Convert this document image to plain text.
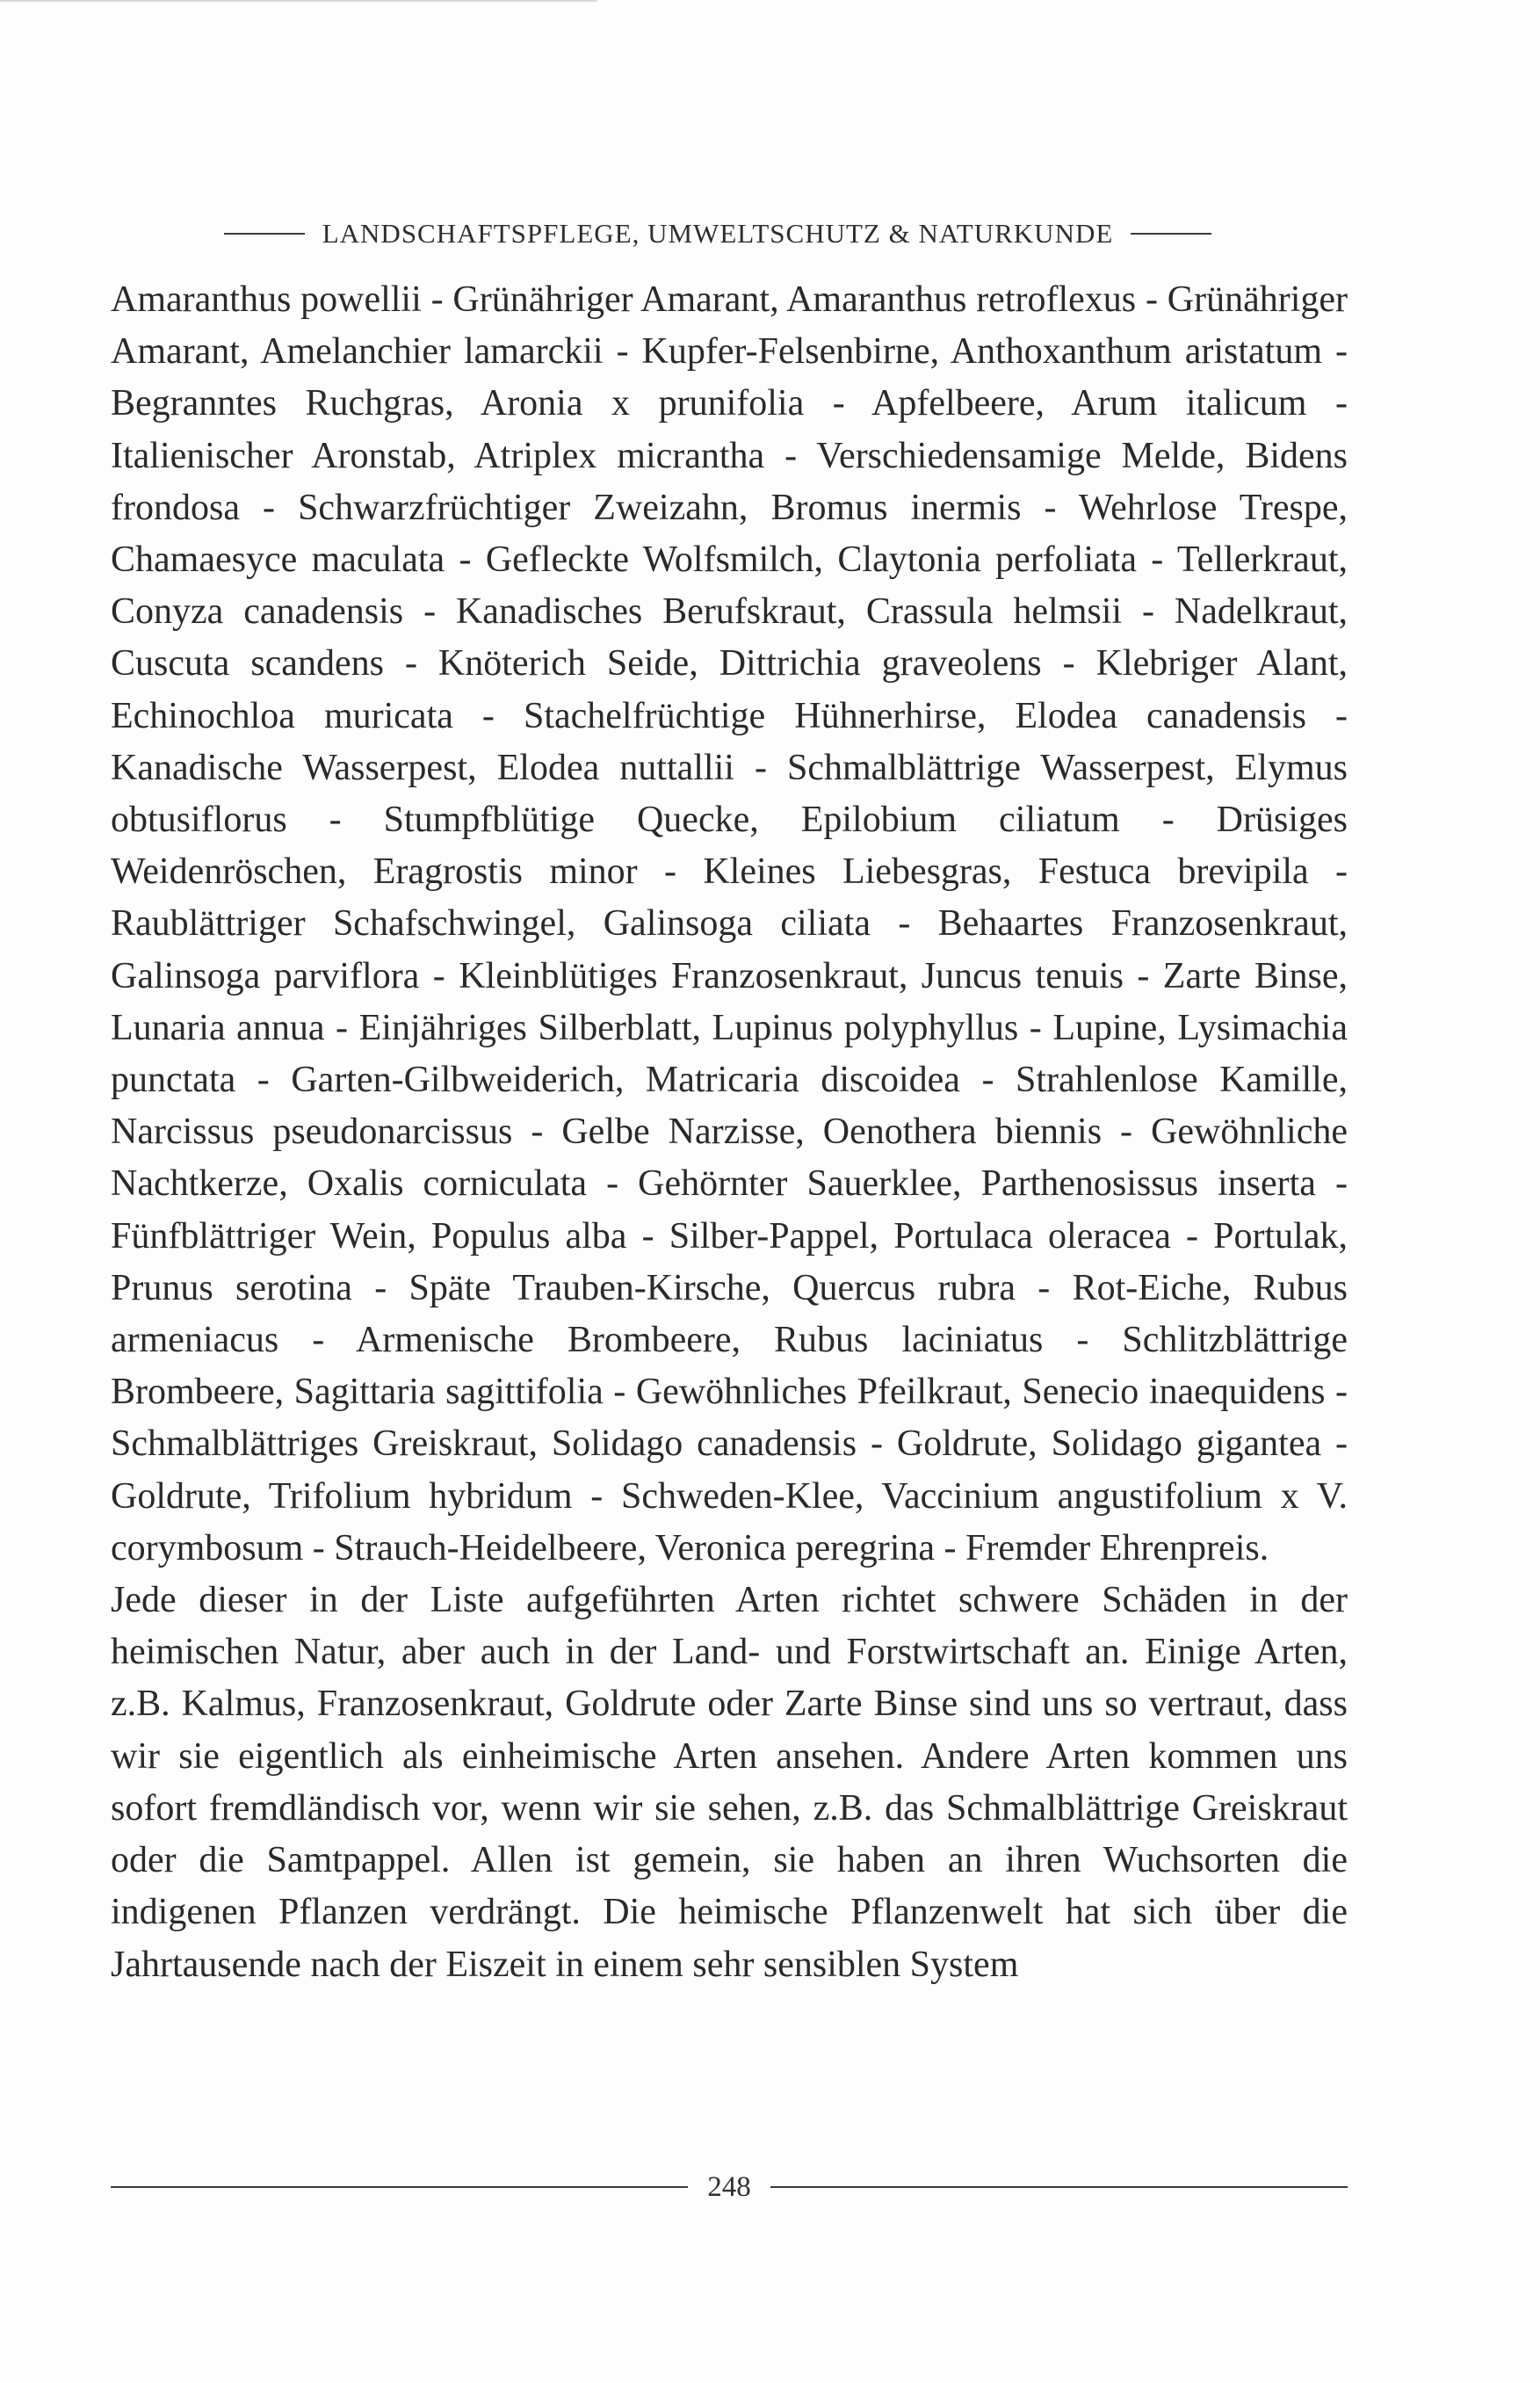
LANDSCHAFTSPFLEGE, UMWELTSCHUTZ & NATURKUNDE

Amaranthus powellii - Grünähriger Amarant, Amaranthus retroflexus - Grünähriger Amarant, Amelanchier lamarckii - Kupfer-Felsenbirne, Anthoxanthum aristatum - Begranntes Ruchgras, Aronia x prunifolia - Apfelbeere, Arum italicum - Italienischer Aronstab, Atriplex micrantha - Verschiedensamige Melde, Bidens frondosa - Schwarzfrüchtiger Zweizahn, Bromus inermis - Wehrlose Trespe, Chamaesyce maculata - Gefleckte Wolfsmilch, Claytonia perfoliata - Tellerkraut, Conyza canadensis - Kanadisches Berufskraut, Crassula helmsii - Nadelkraut, Cuscuta scandens - Knöterich Seide, Dittrichia graveolens - Klebriger Alant, Echinochloa muricata - Stachelfrüchtige Hühnerhirse, Elodea canadensis - Kanadische Wasserpest, Elodea nuttallii - Schmalblättrige Wasserpest, Elymus obtusiflorus - Stumpfblütige Quecke, Epilobium ciliatum - Drüsiges Weidenröschen, Eragrostis minor - Kleines Liebesgras, Festuca brevipila - Raublättriger Schafschwingel, Galinsoga ciliata - Behaartes Franzosenkraut, Galinsoga parviflora - Kleinblütiges Franzosenkraut, Juncus tenuis - Zarte Binse, Lunaria annua - Einjähriges Silberblatt, Lupinus polyphyllus - Lupine, Lysimachia punctata - Garten-Gilbweiderich, Matricaria discoidea - Strahlenlose Kamille, Narcissus pseudonarcissus - Gelbe Narzisse, Oenothera biennis - Gewöhnliche Nachtkerze, Oxalis corniculata - Gehörnter Sauerklee, Parthenosissus inserta - Fünfblättriger Wein, Populus alba - Silber-Pappel, Portulaca oleracea - Portulak, Prunus serotina - Späte Trauben-Kirsche, Quercus rubra - Rot-Eiche, Rubus armeniacus - Armenische Brombeere, Rubus laciniatus - Schlitzblättrige Brombeere, Sagittaria sagittifolia - Gewöhnliches Pfeilkraut, Senecio inaequidens - Schmalblättriges Greiskraut, Solidago canadensis - Goldrute, Solidago gigantea - Goldrute, Trifolium hybridum - Schweden-Klee, Vaccinium angustifolium x V. corymbosum - Strauch-Heidelbeere, Veronica peregrina - Fremder Ehrenpreis.

Jede dieser in der Liste aufgeführten Arten richtet schwere Schäden in der heimischen Natur, aber auch in der Land- und Forstwirtschaft an. Einige Arten, z.B. Kalmus, Franzosenkraut, Goldrute oder Zarte Binse sind uns so vertraut, dass wir sie eigentlich als einheimische Arten ansehen. Andere Arten kommen uns sofort fremdländisch vor, wenn wir sie sehen, z.B. das Schmalblättrige Greiskraut oder die Samtpappel. Allen ist gemein, sie haben an ihren Wuchsorten die indigenen Pflanzen verdrängt. Die heimische Pflanzenwelt hat sich über die Jahrtausende nach der Eiszeit in einem sehr sensiblen System

248
